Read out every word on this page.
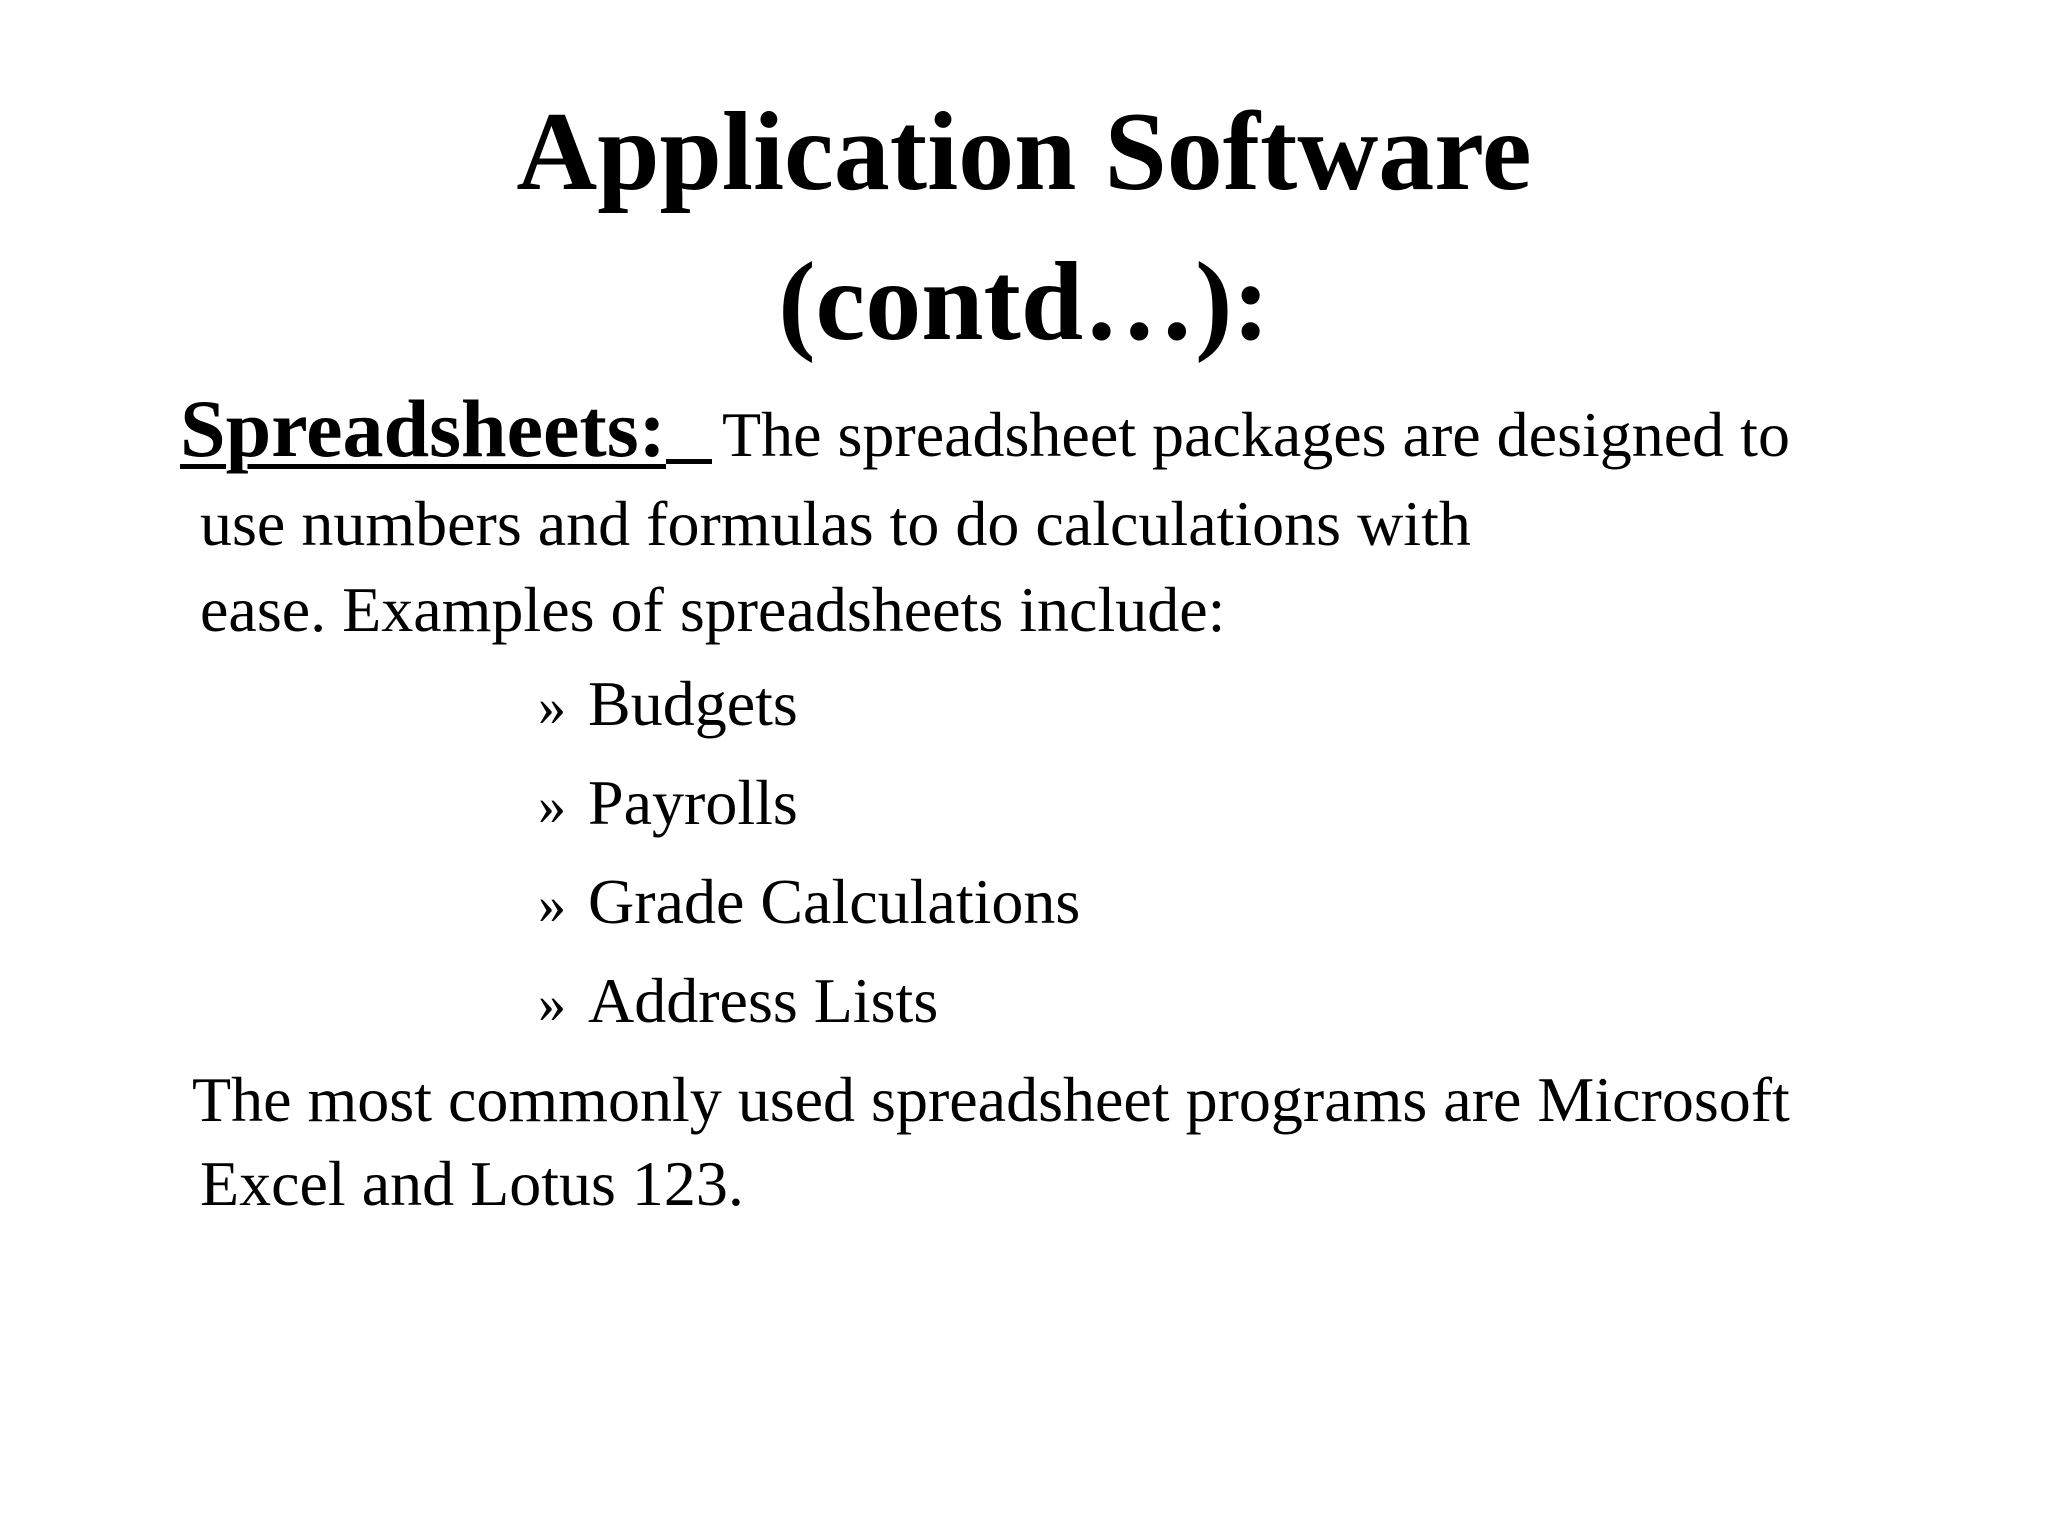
Application Software
(contd…):
Spreadsheets: The spreadsheet packages are designed to
use numbers and formulas to do calculations with
ease. Examples of spreadsheets include:
» Budgets
» Payrolls
» Grade Calculations
» Address Lists
The most commonly used spreadsheet programs are Microsoft
Excel and Lotus 123.
